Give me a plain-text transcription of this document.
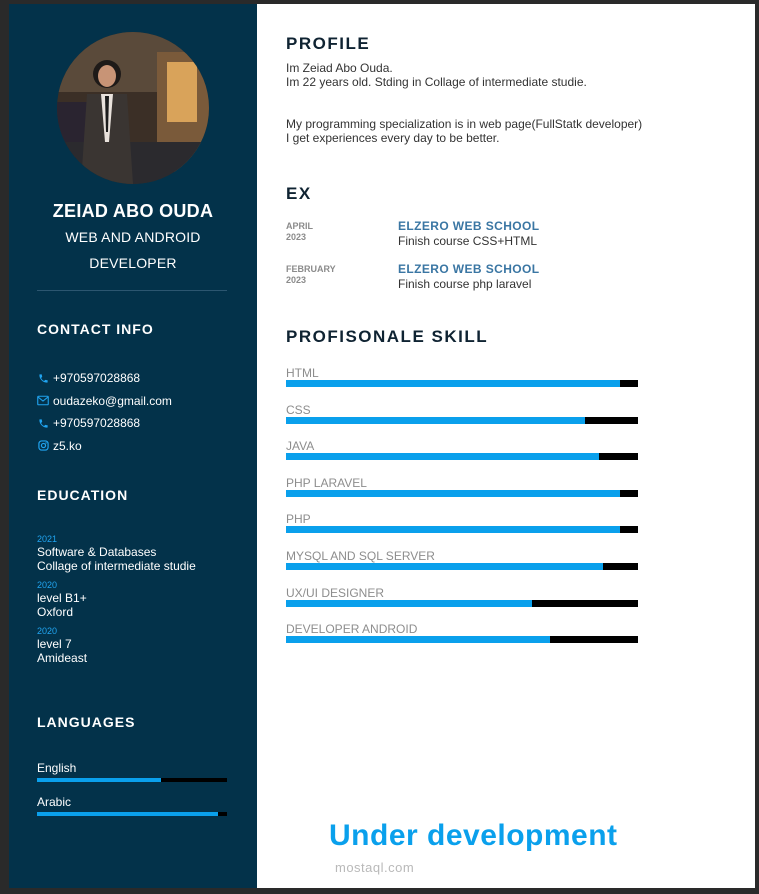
ZEIAD ABO OUDA
WEB AND ANDROID
DEVELOPER
CONTACT INFO
+970597028868
oudazeko@gmail.com
+970597028868
z5.ko
EDUCATION
2021
Software & Databases
Collage of intermediate studie
2020
level B1+
Oxford
2020
level 7
Amideast
LANGUAGES
English
Arabic
PROFILE
Im Zeiad Abo Ouda.
Im 22 years old. Stding in Collage of intermediate studie.
My programming specialization is in web page(FullStatk developer)
I get experiences every day to be better.
EX
APRIL
2023
ELZERO WEB SCHOOL
Finish course CSS+HTML
FEBRUARY
2023
ELZERO WEB SCHOOL
Finish course php laravel
PROFISONALE SKILL
HTML
CSS
JAVA
PHP LARAVEL
PHP
MYSQL AND SQL SERVER
UX/UI DESIGNER
DEVELOPER ANDROID
Under development
mostaql.com
